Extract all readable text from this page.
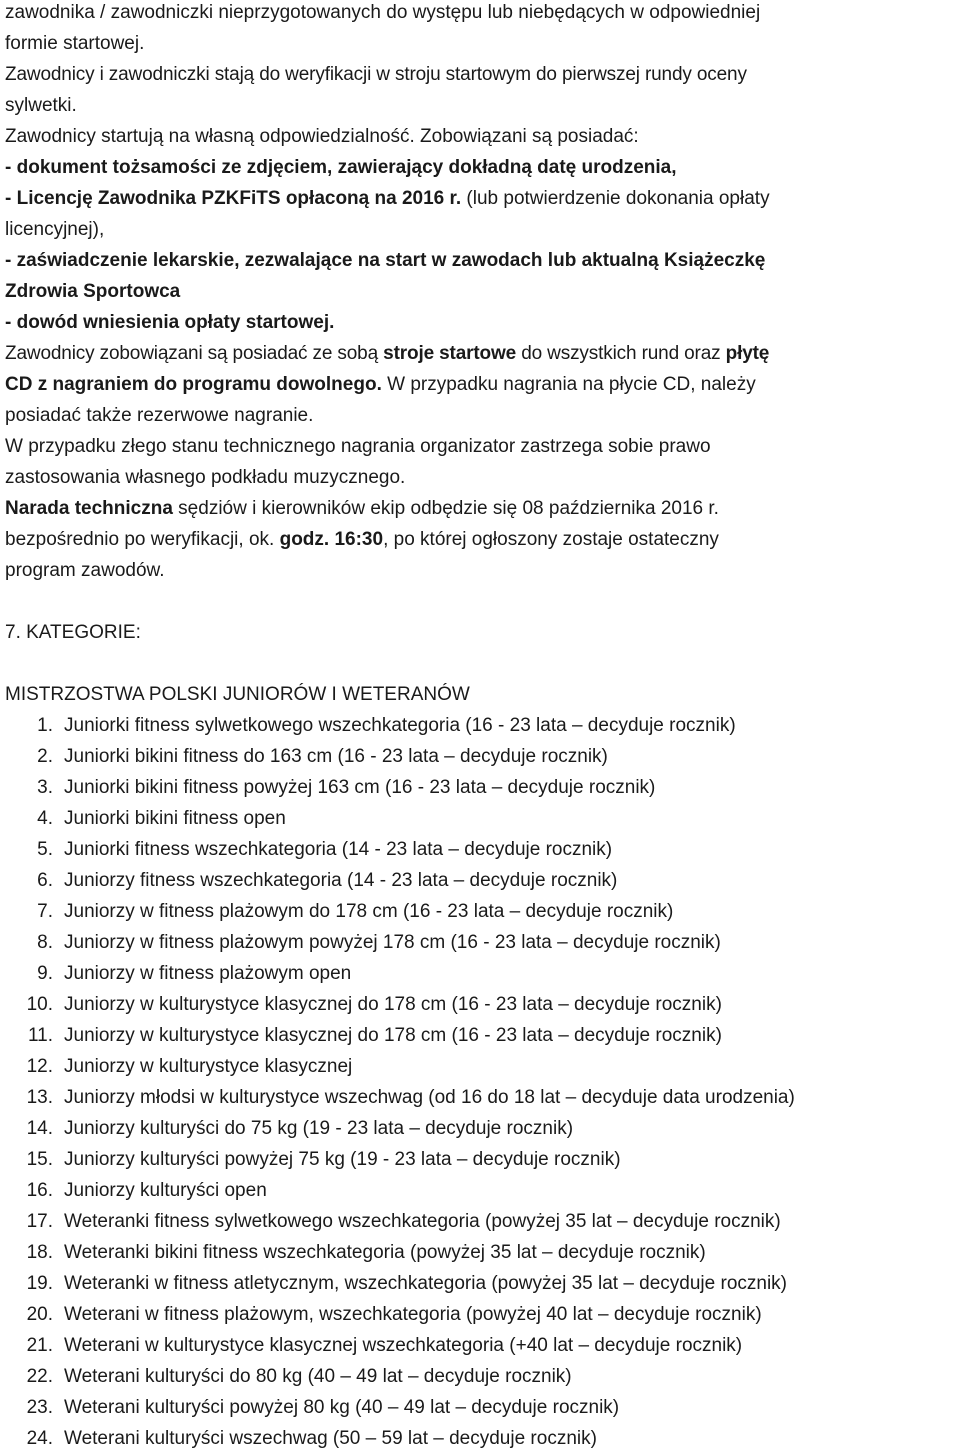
zawodnika / zawodniczki nieprzygotowanych do występu lub niebędących w odpowiedniej
formie startowej.
Zawodnicy i zawodniczki stają do weryfikacji w stroju startowym do pierwszej rundy oceny
sylwetki.
Zawodnicy startują na własną odpowiedzialność. Zobowiązani są posiadać:
- dokument tożsamości ze zdjęciem, zawierający dokładną datę urodzenia,
- Licencję Zawodnika PZKFiTS opłaconą na 2016 r. (lub potwierdzenie dokonania opłaty
licencyjnej),
- zaświadczenie lekarskie, zezwalające na start w zawodach lub aktualną Książeczkę
Zdrowia Sportowca
- dowód wniesienia opłaty startowej.
Zawodnicy zobowiązani są posiadać ze sobą stroje startowe do wszystkich rund oraz płytę
CD z nagraniem do programu dowolnego. W przypadku nagrania na płycie CD, należy
posiadać także rezerwowe nagranie.
W przypadku złego stanu technicznego nagrania organizator zastrzega sobie prawo
zastosowania własnego podkładu muzycznego.
Narada techniczna sędziów i kierowników ekip odbędzie się 08 października 2016 r.
bezpośrednio po weryfikacji, ok. godz. 16:30, po której ogłoszony zostaje ostateczny
program zawodów.
7. KATEGORIE:
MISTRZOSTWA POLSKI JUNIORÓW I WETERANÓW
1. Juniorki fitness sylwetkowego wszechkategoria (16 - 23 lata – decyduje rocznik)
2. Juniorki bikini fitness do 163 cm (16 - 23 lata – decyduje rocznik)
3. Juniorki bikini fitness powyżej 163 cm (16 - 23 lata – decyduje rocznik)
4. Juniorki bikini fitness open
5. Juniorki fitness wszechkategoria (14 - 23 lata – decyduje rocznik)
6. Juniorzy fitness wszechkategoria (14 - 23 lata – decyduje rocznik)
7. Juniorzy w fitness plażowym do 178 cm (16 - 23 lata – decyduje rocznik)
8. Juniorzy w fitness plażowym powyżej 178 cm (16 - 23 lata – decyduje rocznik)
9. Juniorzy w fitness plażowym open
10. Juniorzy w kulturystyce klasycznej do 178 cm (16 - 23 lata – decyduje rocznik)
11. Juniorzy w kulturystyce klasycznej do 178 cm (16 - 23 lata – decyduje rocznik)
12. Juniorzy w kulturystyce klasycznej
13. Juniorzy młodsi w kulturystyce wszechwag (od 16 do 18 lat – decyduje data urodzenia)
14. Juniorzy kulturyści do 75 kg (19 - 23 lata – decyduje rocznik)
15. Juniorzy kulturyści powyżej 75 kg (19 - 23 lata – decyduje rocznik)
16. Juniorzy kulturyści open
17. Weteranki fitness sylwetkowego wszechkategoria (powyżej 35 lat – decyduje rocznik)
18. Weteranki bikini fitness wszechkategoria (powyżej 35 lat – decyduje rocznik)
19. Weteranki w fitness atletycznym, wszechkategoria (powyżej 35 lat – decyduje rocznik)
20. Weterani w fitness plażowym, wszechkategoria (powyżej 40 lat – decyduje rocznik)
21. Weterani w kulturystyce klasycznej wszechkategoria (+40 lat – decyduje rocznik)
22. Weterani kulturyści do 80 kg (40 – 49 lat – decyduje rocznik)
23. Weterani kulturyści powyżej 80 kg (40 – 49 lat – decyduje rocznik)
24. Weterani kulturyści wszechwag (50 – 59 lat – decyduje rocznik)
